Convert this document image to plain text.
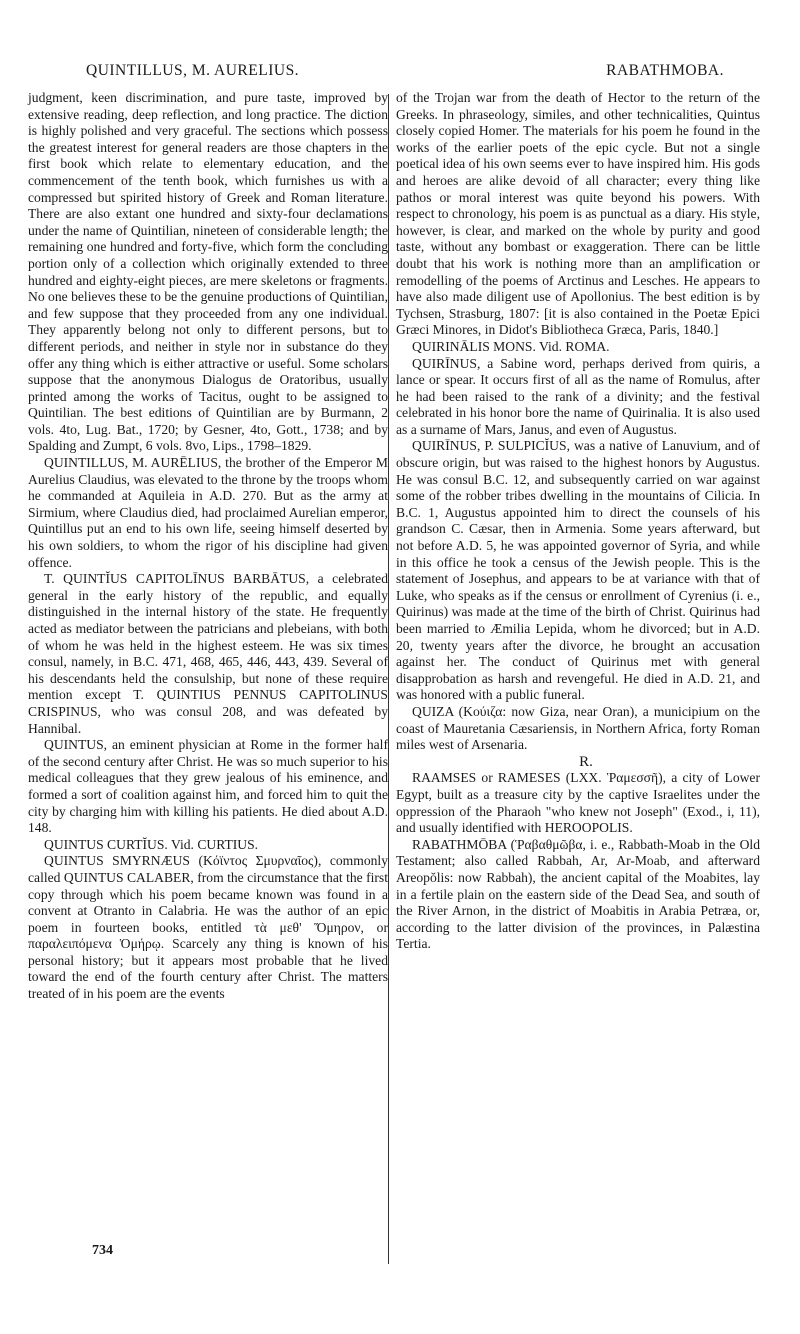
QUINTILLUS, M. AURELIUS.	RABATHMOBA.

judgment, keen discrimination, and pure taste, improved by extensive reading, deep reflection, and long practice. The diction is highly polished and very graceful. The sections which possess the greatest interest for general readers are those chapters in the first book which relate to elementary education, and the commencement of the tenth book, which furnishes us with a compressed but spirited history of Greek and Roman literature. There are also extant one hundred and sixty-four declamations under the name of Quintilian, nineteen of considerable length; the remaining one hundred and forty-five, which form the concluding portion only of a collection which originally extended to three hundred and eighty-eight pieces, are mere skeletons or fragments. No one believes these to be the genuine productions of Quintilian, and few suppose that they proceeded from any one individual. They apparently belong not only to different persons, but to different periods, and neither in style nor in substance do they offer any thing which is either attractive or useful. Some scholars suppose that the anonymous Dialogus de Oratoribus, usually printed among the works of Tacitus, ought to be assigned to Quintilian. The best editions of Quintilian are by Burmann, 2 vols. 4to, Lug. Bat., 1720; by Gesner, 4to, Gott., 1738; and by Spalding and Zumpt, 6 vols. 8vo, Lips., 1798–1829.

QUINTILLUS, M. AURĒLIUS, the brother of the Emperor M Aurelius Claudius, was elevated to the throne by the troops whom he commanded at Aquileia in A.D. 270. But as the army at Sirmium, where Claudius died, had proclaimed Aurelian emperor, Quintillus put an end to his own life, seeing himself deserted by his own soldiers, to whom the rigor of his discipline had given offence.

T. QUINTĬUS CAPITOLĪNUS BARBĀTUS, a celebrated general in the early history of the republic, and equally distinguished in the internal history of the state. He frequently acted as mediator between the patricians and plebeians, with both of whom he was held in the highest esteem. He was six times consul, namely, in B.C. 471, 468, 465, 446, 443, 439. Several of his descendants held the consulship, but none of these require mention except T. QUINTIUS PENNUS CAPITOLINUS CRISPINUS, who was consul 208, and was defeated by Hannibal.

QUINTUS, an eminent physician at Rome in the former half of the second century after Christ. He was so much superior to his medical colleagues that they grew jealous of his eminence, and formed a sort of coalition against him, and forced him to quit the city by charging him with killing his patients. He died about A.D. 148.

QUINTUS CURTĬUS. Vid. CURTIUS.

QUINTUS SMYRNÆUS (Κόϊντος Σμυρναῖος), commonly called QUINTUS CALABER, from the circumstance that the first copy through which his poem became known was found in a convent at Otranto in Calabria. He was the author of an epic poem in fourteen books, entitled τὰ μεθ' Ὅμηρον, or παραλειπόμενα Ὁμήρῳ. Scarcely any thing is known of his personal history; but it appears most probable that he lived toward the end of the fourth century after Christ. The matters treated of in his poem are the events

of the Trojan war from the death of Hector to the return of the Greeks. In phraseology, similes, and other technicalities, Quintus closely copied Homer. The materials for his poem he found in the works of the earlier poets of the epic cycle. But not a single poetical idea of his own seems ever to have inspired him. His gods and heroes are alike devoid of all character; every thing like pathos or moral interest was quite beyond his powers. With respect to chronology, his poem is as punctual as a diary. His style, however, is clear, and marked on the whole by purity and good taste, without any bombast or exaggeration. There can be little doubt that his work is nothing more than an amplification or remodelling of the poems of Arctinus and Lesches. He appears to have also made diligent use of Apollonius. The best edition is by Tychsen, Strasburg, 1807: [it is also contained in the Poetæ Epici Græci Minores, in Didot's Bibliotheca Græca, Paris, 1840.]

QUIRINĀLIS MONS. Vid. ROMA.

QUIRĪNUS, a Sabine word, perhaps derived from quiris, a lance or spear. It occurs first of all as the name of Romulus, after he had been raised to the rank of a divinity; and the festival celebrated in his honor bore the name of Quirinalia. It is also used as a surname of Mars, Janus, and even of Augustus.

QUIRĪNUS, P. SULPICĬUS, was a native of Lanuvium, and of obscure origin, but was raised to the highest honors by Augustus. He was consul B.C. 12, and subsequently carried on war against some of the robber tribes dwelling in the mountains of Cilicia. In B.C. 1, Augustus appointed him to direct the counsels of his grandson C. Cæsar, then in Armenia. Some years afterward, but not before A.D. 5, he was appointed governor of Syria, and while in this office he took a census of the Jewish people. This is the statement of Josephus, and appears to be at variance with that of Luke, who speaks as if the census or enrollment of Cyrenius (i. e., Quirinus) was made at the time of the birth of Christ. Quirinus had been married to Æmilia Lepida, whom he divorced; but in A.D. 20, twenty years after the divorce, he brought an accusation against her. The conduct of Quirinus met with general disapprobation as harsh and revengeful. He died in A.D. 21, and was honored with a public funeral.

QUIZA (Κούιζα: now Giza, near Oran), a municipium on the coast of Mauretania Cæsariensis, in Northern Africa, forty Roman miles west of Arsenaria.

R.

RAAMSES or RAMESES (LXX. Ῥαμεσσῆ), a city of Lower Egypt, built as a treasure city by the captive Israelites under the oppression of the Pharaoh "who knew not Joseph" (Exod., i, 11), and usually identified with HEROOPOLIS.

RABATHMŌBA (Ῥαβαθμῶβα, i. e., Rabbath-Moab in the Old Testament; also called Rabbah, Ar, Ar-Moab, and afterward Areopŏlis: now Rabbah), the ancient capital of the Moabites, lay in a fertile plain on the eastern side of the Dead Sea, and south of the River Arnon, in the district of Moabitis in Arabia Petræa, or, according to the latter division of the provinces, in Palæstina Tertia.

734
